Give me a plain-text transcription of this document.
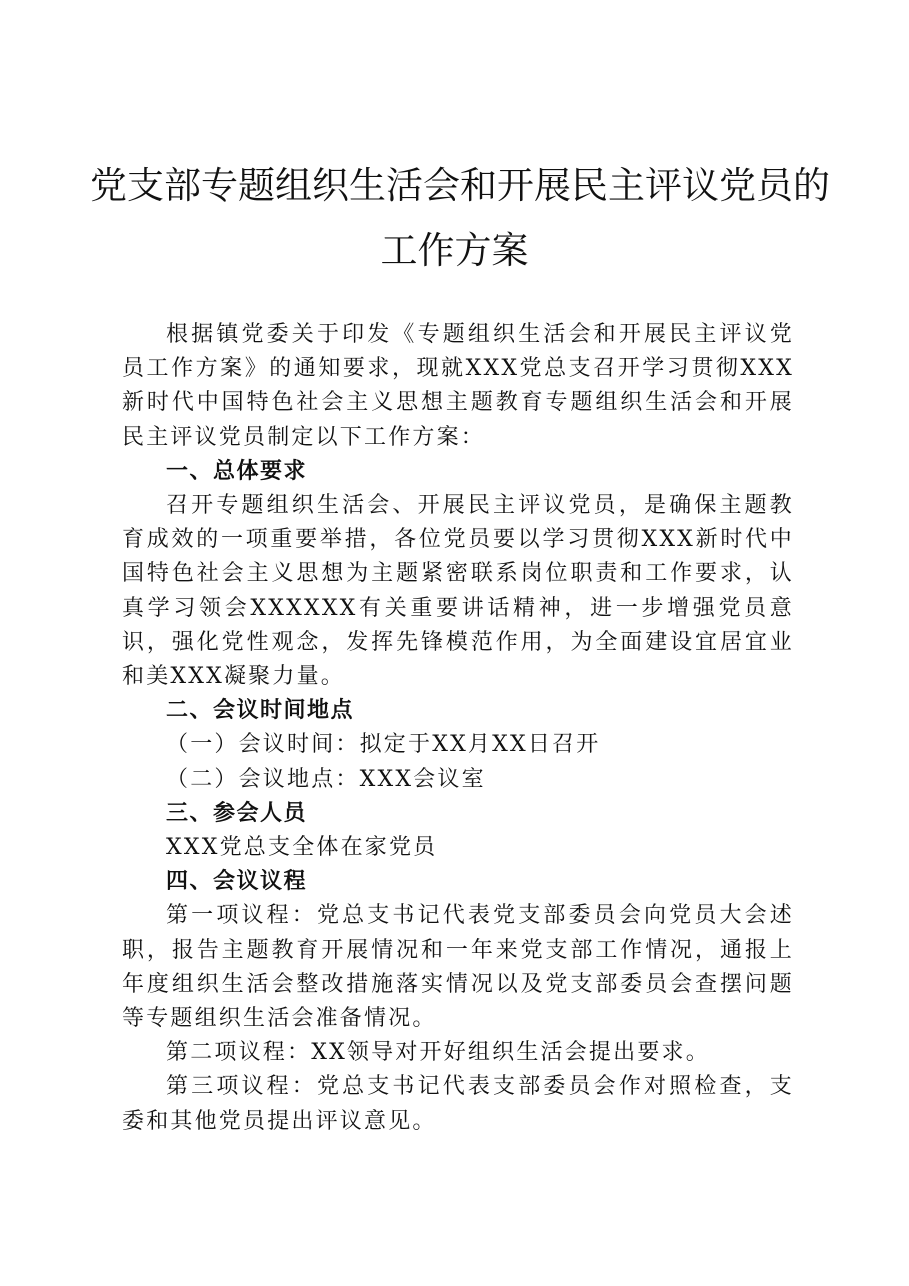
党支部专题组织生活会和开展民主评议党员的
工作方案

根据镇党委关于印发《专题组织生活会和开展民主评议党员工作方案》的通知要求，现就XXX党总支召开学习贯彻XXX新时代中国特色社会主义思想主题教育专题组织生活会和开展民主评议党员制定以下工作方案：

一、总体要求

召开专题组织生活会、开展民主评议党员，是确保主题教育成效的一项重要举措，各位党员要以学习贯彻XXX新时代中国特色社会主义思想为主题紧密联系岗位职责和工作要求，认真学习领会XXXXXX有关重要讲话精神，进一步增强党员意识，强化党性观念，发挥先锋模范作用，为全面建设宜居宜业和美XXX凝聚力量。

二、会议时间地点

（一）会议时间：拟定于XX月XX日召开

（二）会议地点：XXX会议室

三、参会人员

XXX党总支全体在家党员

四、会议议程

第一项议程：党总支书记代表党支部委员会向党员大会述职，报告主题教育开展情况和一年来党支部工作情况，通报上年度组织生活会整改措施落实情况以及党支部委员会查摆问题等专题组织生活会准备情况。

第二项议程：XX领导对开好组织生活会提出要求。

第三项议程：党总支书记代表支部委员会作对照检查，支委和其他党员提出评议意见。
